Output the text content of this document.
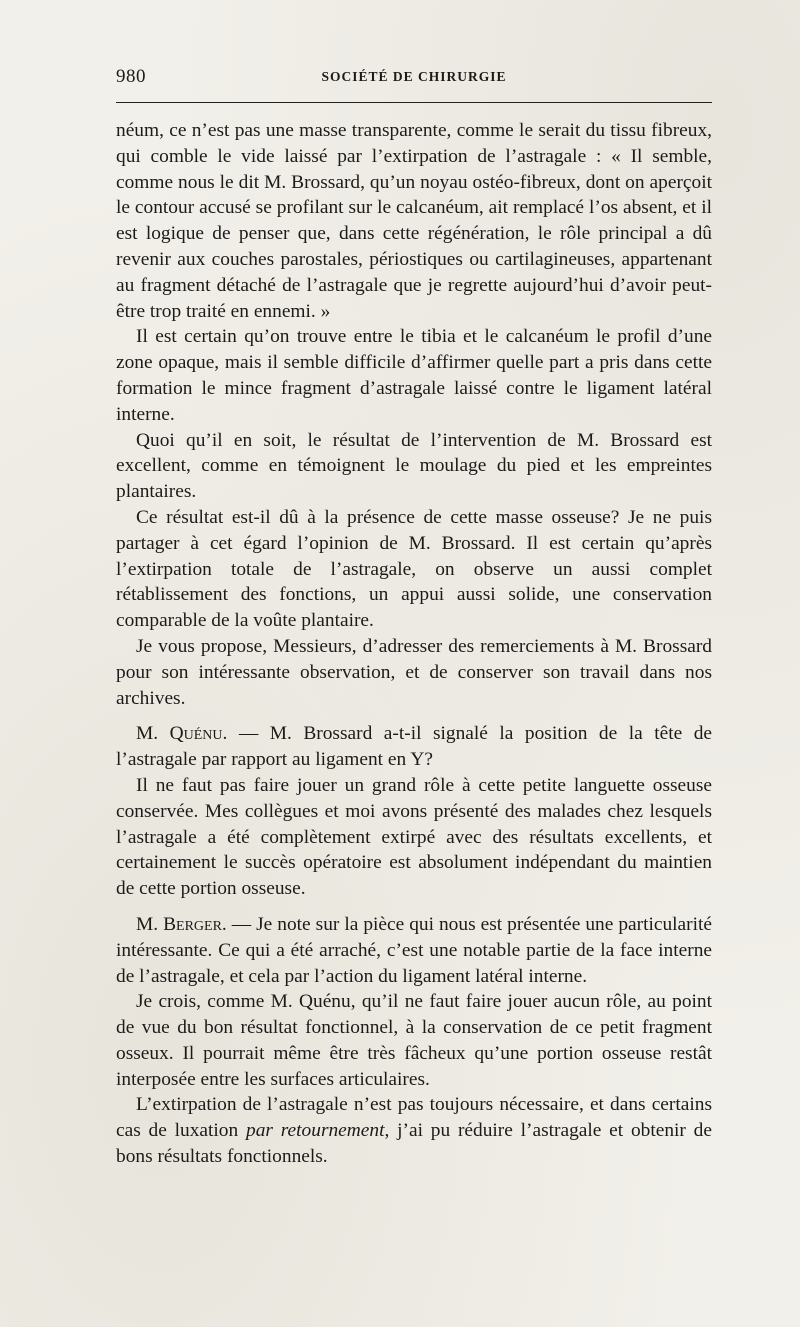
980	SOCIÉTÉ DE CHIRURGIE

néum, ce n’est pas une masse transparente, comme le serait du tissu fibreux, qui comble le vide laissé par l’extirpation de l’astragale : « Il semble, comme nous le dit M. Brossard, qu’un noyau ostéo-fibreux, dont on aperçoit le contour accusé se profilant sur le calcanéum, ait remplacé l’os absent, et il est logique de penser que, dans cette régénération, le rôle principal a dû revenir aux couches parostales, périostiques ou cartilagineuses, appartenant au fragment détaché de l’astragale que je regrette aujourd’hui d’avoir peut-être trop traité en ennemi. »

Il est certain qu’on trouve entre le tibia et le calcanéum le profil d’une zone opaque, mais il semble difficile d’affirmer quelle part a pris dans cette formation le mince fragment d’astragale laissé contre le ligament latéral interne.

Quoi qu’il en soit, le résultat de l’intervention de M. Brossard est excellent, comme en témoignent le moulage du pied et les empreintes plantaires.

Ce résultat est-il dû à la présence de cette masse osseuse? Je ne puis partager à cet égard l’opinion de M. Brossard. Il est certain qu’après l’extirpation totale de l’astragale, on observe un aussi complet rétablissement des fonctions, un appui aussi solide, une conservation comparable de la voûte plantaire.

Je vous propose, Messieurs, d’adresser des remerciements à M. Brossard pour son intéressante observation, et de conserver son travail dans nos archives.

M. Quénu. — M. Brossard a-t-il signalé la position de la tête de l’astragale par rapport au ligament en Y?

Il ne faut pas faire jouer un grand rôle à cette petite languette osseuse conservée. Mes collègues et moi avons présenté des malades chez lesquels l’astragale a été complètement extirpé avec des résultats excellents, et certainement le succès opératoire est absolument indépendant du maintien de cette portion osseuse.

M. Berger. — Je note sur la pièce qui nous est présentée une particularité intéressante. Ce qui a été arraché, c’est une notable partie de la face interne de l’astragale, et cela par l’action du ligament latéral interne.

Je crois, comme M. Quénu, qu’il ne faut faire jouer aucun rôle, au point de vue du bon résultat fonctionnel, à la conservation de ce petit fragment osseux. Il pourrait même être très fâcheux qu’une portion osseuse restât interposée entre les surfaces articulaires.

L’extirpation de l’astragale n’est pas toujours nécessaire, et dans certains cas de luxation par retournement, j’ai pu réduire l’astragale et obtenir de bons résultats fonctionnels.
